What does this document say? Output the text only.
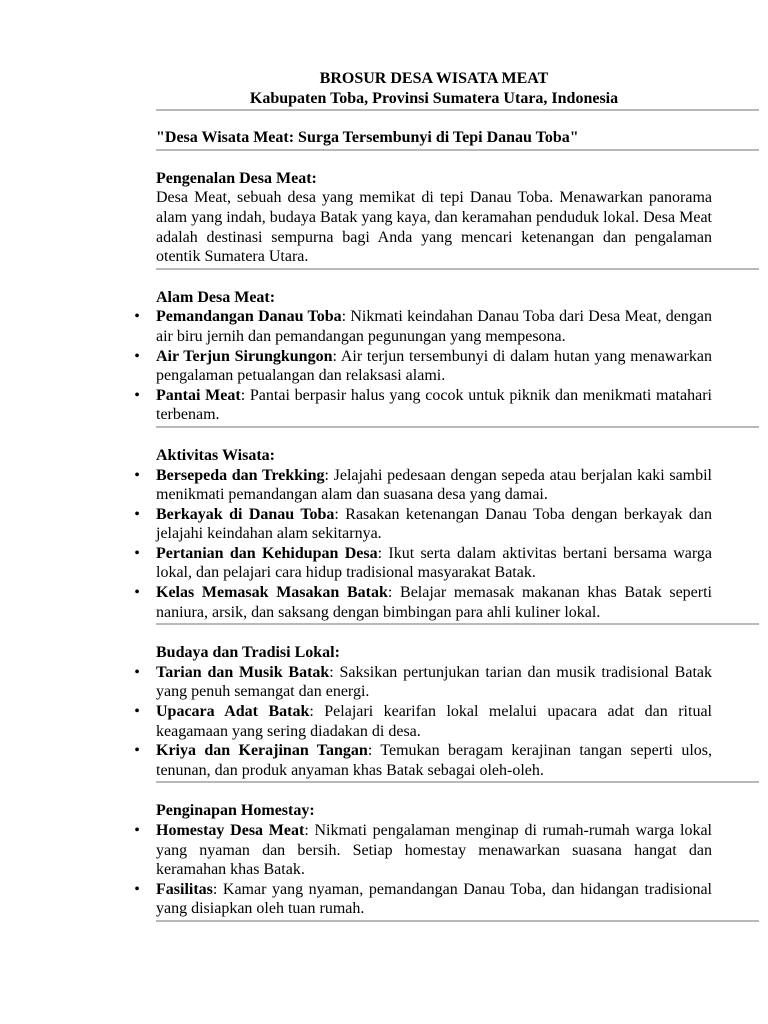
BROSUR DESA WISATA MEAT
Kabupaten Toba, Provinsi Sumatera Utara, Indonesia
"Desa Wisata Meat: Surga Tersembunyi di Tepi Danau Toba"
Pengenalan Desa Meat:
Desa Meat, sebuah desa yang memikat di tepi Danau Toba. Menawarkan panorama alam yang indah, budaya Batak yang kaya, dan keramahan penduduk lokal. Desa Meat adalah destinasi sempurna bagi Anda yang mencari ketenangan dan pengalaman otentik Sumatera Utara.
Alam Desa Meat:
• Pemandangan Danau Toba: Nikmati keindahan Danau Toba dari Desa Meat, dengan air biru jernih dan pemandangan pegunungan yang mempesona.
• Air Terjun Sirungkungon: Air terjun tersembunyi di dalam hutan yang menawarkan pengalaman petualangan dan relaksasi alami.
• Pantai Meat: Pantai berpasir halus yang cocok untuk piknik dan menikmati matahari terbenam.
Aktivitas Wisata:
• Bersepeda dan Trekking: Jelajahi pedesaan dengan sepeda atau berjalan kaki sambil menikmati pemandangan alam dan suasana desa yang damai.
• Berkayak di Danau Toba: Rasakan ketenangan Danau Toba dengan berkayak dan jelajahi keindahan alam sekitarnya.
• Pertanian dan Kehidupan Desa: Ikut serta dalam aktivitas bertani bersama warga lokal, dan pelajari cara hidup tradisional masyarakat Batak.
• Kelas Memasak Masakan Batak: Belajar memasak makanan khas Batak seperti naniura, arsik, dan saksang dengan bimbingan para ahli kuliner lokal.
Budaya dan Tradisi Lokal:
• Tarian dan Musik Batak: Saksikan pertunjukan tarian dan musik tradisional Batak yang penuh semangat dan energi.
• Upacara Adat Batak: Pelajari kearifan lokal melalui upacara adat dan ritual keagamaan yang sering diadakan di desa.
• Kriya dan Kerajinan Tangan: Temukan beragam kerajinan tangan seperti ulos, tenunan, dan produk anyaman khas Batak sebagai oleh-oleh.
Penginapan Homestay:
• Homestay Desa Meat: Nikmati pengalaman menginap di rumah-rumah warga lokal yang nyaman dan bersih. Setiap homestay menawarkan suasana hangat dan keramahan khas Batak.
• Fasilitas: Kamar yang nyaman, pemandangan Danau Toba, dan hidangan tradisional yang disiapkan oleh tuan rumah.
